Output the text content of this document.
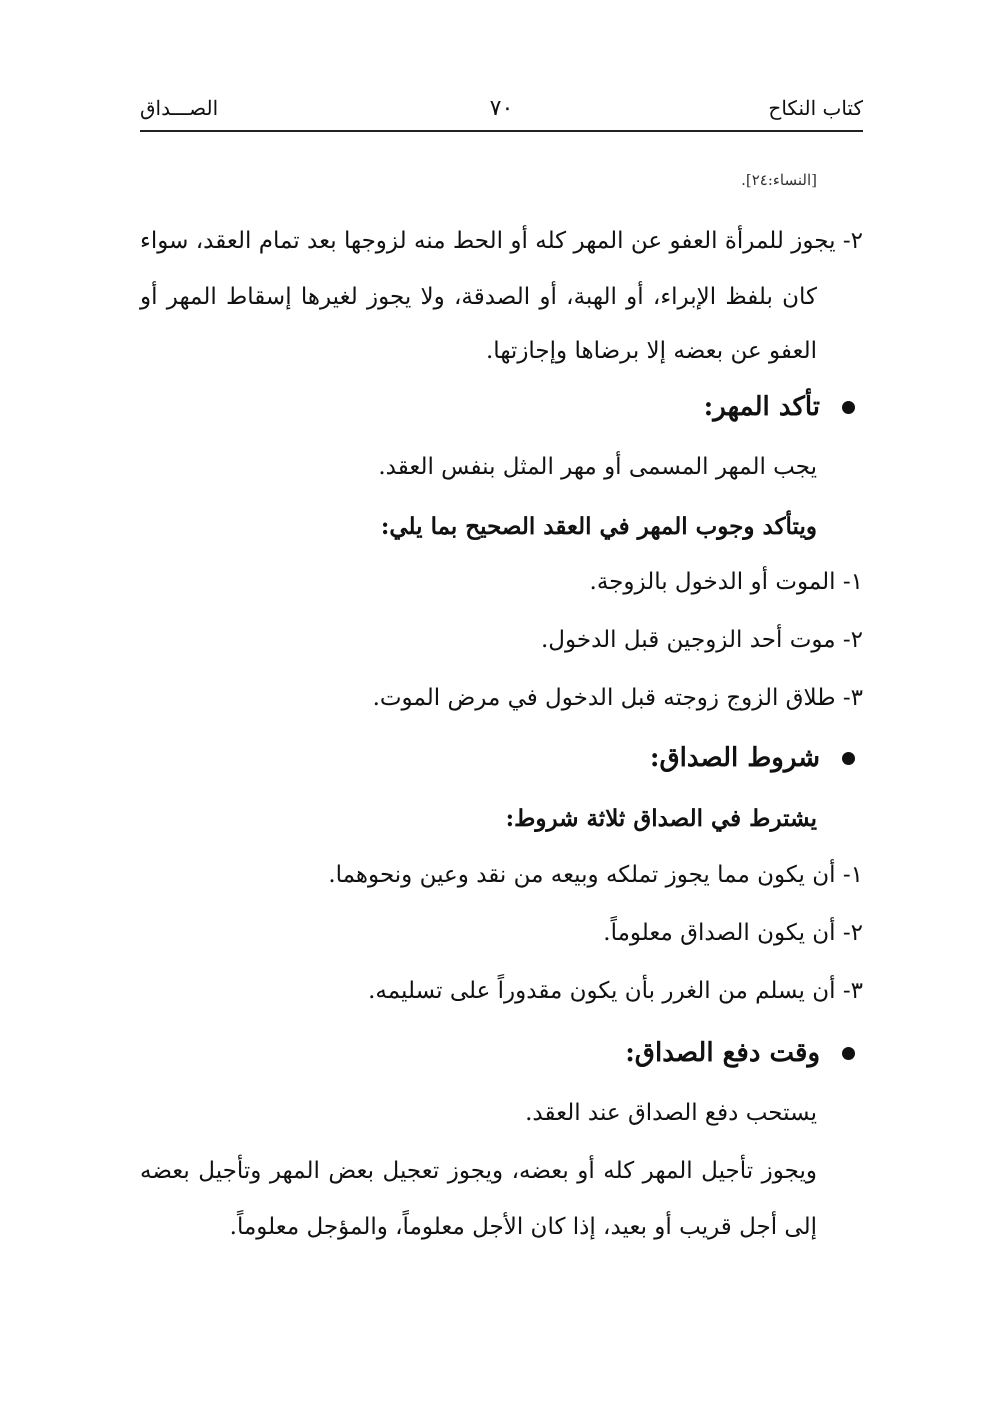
كتاب النكاح
٧٠
الصـــداق
[النساء:٢٤].
٢- يجوز للمرأة العفو عن المهر كله أو الحط منه لزوجها بعد تمام العقد، سواء
كان بلفظ الإبراء، أو الهبة، أو الصدقة، ولا يجوز لغيرها إسقاط المهر أو
العفو عن بعضه إلا برضاها وإجازتها.
تأكد المهر:
يجب المهر المسمى أو مهر المثل بنفس العقد.
ويتأكد وجوب المهر في العقد الصحيح بما يلي:
١- الموت أو الدخول بالزوجة.
٢- موت أحد الزوجين قبل الدخول.
٣- طلاق الزوج زوجته قبل الدخول في مرض الموت.
شروط الصداق:
يشترط في الصداق ثلاثة شروط:
١- أن يكون مما يجوز تملكه وبيعه من نقد وعين ونحوهما.
٢- أن يكون الصداق معلوماً.
٣- أن يسلم من الغرر بأن يكون مقدوراً على تسليمه.
وقت دفع الصداق:
يستحب دفع الصداق عند العقد.
ويجوز تأجيل المهر كله أو بعضه، ويجوز تعجيل بعض المهر وتأجيل بعضه
إلى أجل قريب أو بعيد، إذا كان الأجل معلوماً، والمؤجل معلوماً.
